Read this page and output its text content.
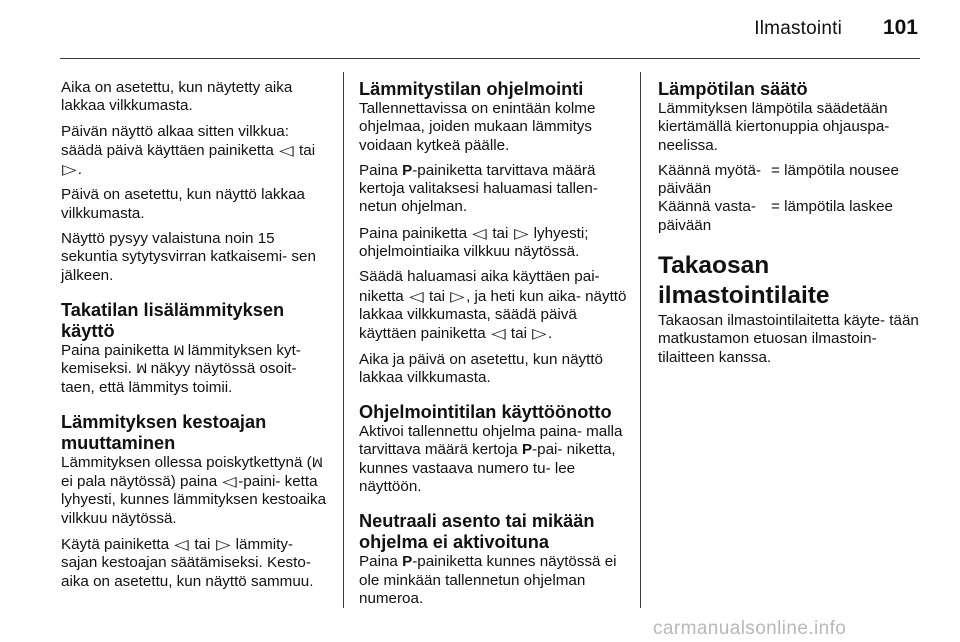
Ilmastointi 101

Aika on asetettu, kun näytetty aika lakkaa vilkkumasta.

Päivän näyttö alkaa sitten vilkkua: säädä päivä käyttäen painiketta ◁ tai ▷.

Päivä on asetettu, kun näyttö lakkaa vilkkumasta.

Näyttö pysyy valaistuna noin 15 sekuntia sytytysvirran katkaisemi- sen jälkeen.

Takatilan lisälämmityksen käyttö

Paina painiketta ꟽ lämmityksen kyt- kemiseksi. ꟽ näkyy näytössä osoit- taen, että lämmitys toimii.

Lämmityksen kestoajan muuttaminen

Lämmityksen ollessa poiskytkettynä (ꟽ ei pala näytössä) paina ◁-paini- ketta lyhyesti, kunnes lämmityksen kestoaika vilkkuu näytössä.

Käytä painiketta ◁ tai ▷ lämmity- sajan kestoajan säätämiseksi. Kesto- aika on asetettu, kun näyttö sammuu.

Lämmitystilan ohjelmointi

Tallennettavissa on enintään kolme ohjelmaa, joiden mukaan lämmitys voidaan kytkeä päälle.

Paina P-painiketta tarvittava määrä kertoja valitaksesi haluamasi tallen- netun ohjelman.

Paina painiketta ◁ tai ▷ lyhyesti; ohjelmointiaika vilkkuu näytössä.

Säädä haluamasi aika käyttäen pai- niketta ◁ tai ▷, ja heti kun aika- näyttö lakkaa vilkkumasta, säädä päivä käyttäen painiketta ◁ tai ▷.

Aika ja päivä on asetettu, kun näyttö lakkaa vilkkumasta.

Ohjelmointitilan käyttöönotto

Aktivoi tallennettu ohjelma paina- malla tarvittava määrä kertoja P-pai- niketta, kunnes vastaava numero tu- lee näyttöön.

Neutraali asento tai mikään ohjelma ei aktivoituna

Paina P-painiketta kunnes näytössä ei ole minkään tallennetun ohjelman numeroa.

Lämpötilan säätö

Lämmityksen lämpötila säädetään kiertämällä kiertonuppia ohjauspa- neelissa.

Käännä myötä- päivään
= lämpötila nousee
Käännä vasta- päivään
= lämpötila laskee
Takaosan ilmastointilaite

Takaosan ilmastointilaitetta käyte- tään matkustamon etuosan ilmastoin- tilaitteen kanssa.

carmanualsonline.info
